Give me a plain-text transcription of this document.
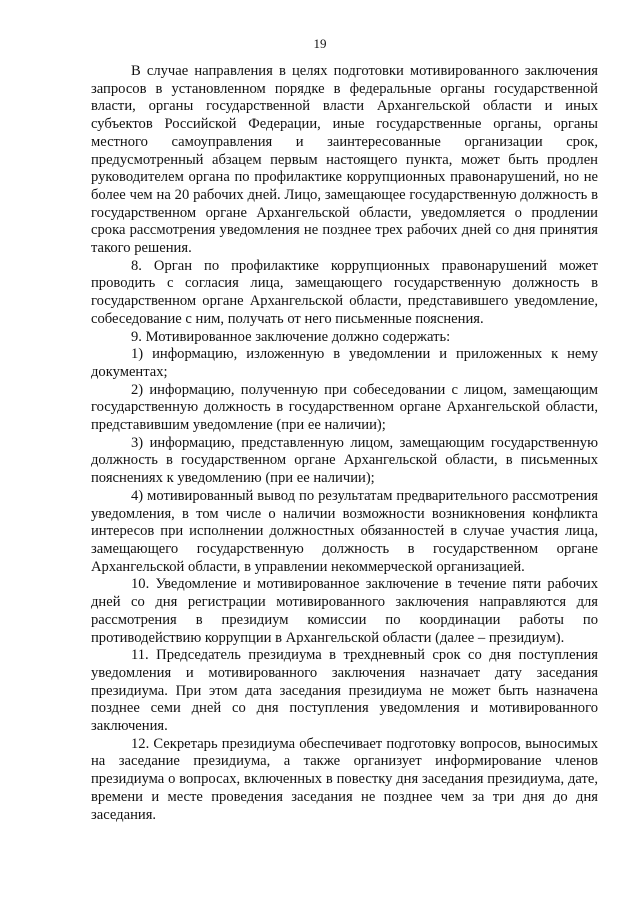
19

В случае направления в целях подготовки мотивированного заключения запросов в установленном порядке в федеральные органы государственной власти, органы государственной власти Архангельской области и иных субъектов Российской Федерации, иные государственные органы, органы местного самоуправления и заинтересованные организации срок, предусмотренный абзацем первым настоящего пункта, может быть продлен руководителем органа по профилактике коррупционных правонарушений, но не более чем на 20 рабочих дней. Лицо, замещающее государственную должность в государственном органе Архангельской области, уведомляется о продлении срока рассмотрения уведомления не позднее трех рабочих дней со дня принятия такого решения.

8. Орган по профилактике коррупционных правонарушений может проводить с согласия лица, замещающего государственную должность в государственном органе Архангельской области, представившего уведомление, собеседование с ним, получать от него письменные пояснения.

9. Мотивированное заключение должно содержать:

1) информацию, изложенную в уведомлении и приложенных к нему документах;

2) информацию, полученную при собеседовании с лицом, замещающим государственную должность в государственном органе Архангельской области, представившим уведомление (при ее наличии);

3) информацию, представленную лицом, замещающим государственную должность в государственном органе Архангельской области, в письменных пояснениях к уведомлению (при ее наличии);

4) мотивированный вывод по результатам предварительного рассмотрения уведомления, в том числе о наличии возможности возникновения конфликта интересов при исполнении должностных обязанностей в случае участия лица, замещающего государственную должность в государственном органе Архангельской области, в управлении некоммерческой организацией.

10. Уведомление и мотивированное заключение в течение пяти рабочих дней со дня регистрации мотивированного заключения направляются для рассмотрения в президиум комиссии по координации работы по противодействию коррупции в Архангельской области (далее – президиум).

11. Председатель президиума в трехдневный срок со дня поступления уведомления и мотивированного заключения назначает дату заседания президиума. При этом дата заседания президиума не может быть назначена позднее семи дней со дня поступления уведомления и мотивированного заключения.

12. Секретарь президиума обеспечивает подготовку вопросов, выносимых на заседание президиума, а также организует информирование членов президиума о вопросах, включенных в повестку дня заседания президиума, дате, времени и месте проведения заседания не позднее чем за три дня до дня заседания.
